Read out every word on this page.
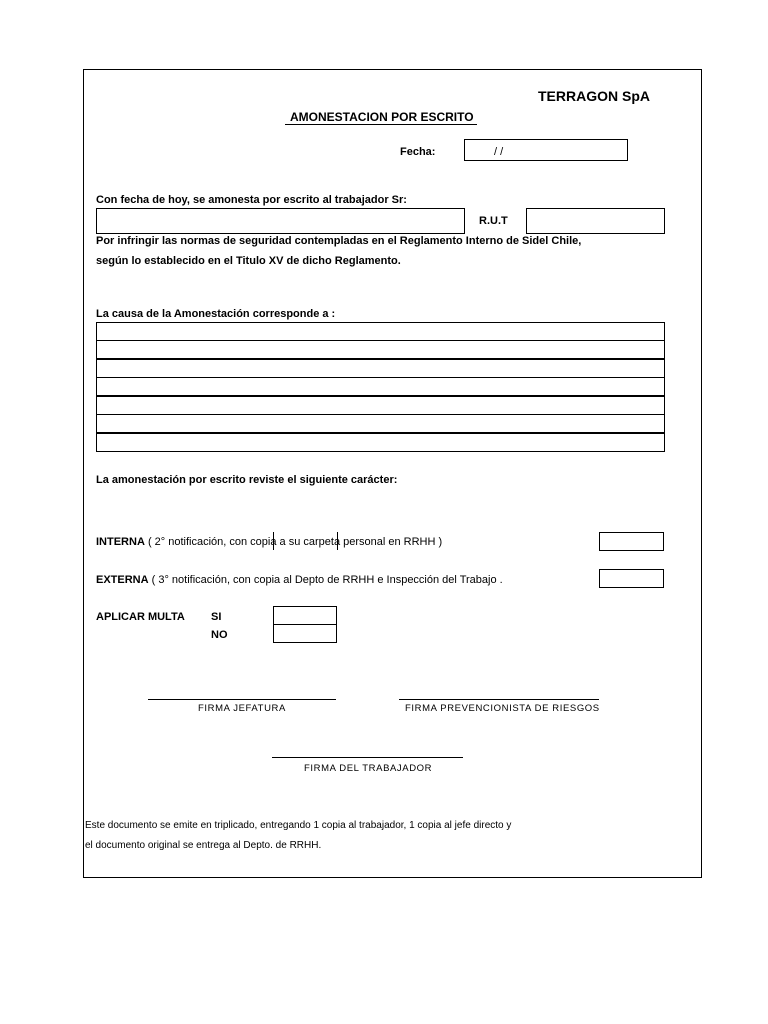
TERRAGON SpA
AMONESTACION POR ESCRITO
Fecha:	/ /
Con fecha de hoy, se amonesta por escrito al trabajador Sr:
R.U.T
Por infringir las normas de seguridad contempladas en el Reglamento Interno de Sidel Chile,
según lo establecido en el Titulo XV de dicho Reglamento.
La causa de la Amonestación corresponde a :
La amonestación por escrito reviste el siguiente carácter:
INTERNA ( 2° notificación, con copia a su carpeta personal en RRHH )
EXTERNA ( 3° notificación, con copia al Depto de RRHH e Inspección del Trabajo .
APLICAR MULTA SI
NO
FIRMA JEFATURA	FIRMA PREVENCIONISTA DE RIESGOS
FIRMA DEL TRABAJADOR
Este documento se emite en triplicado, entregando 1 copia al trabajador, 1 copia al jefe directo y
el documento original se entrega al Depto. de RRHH.
